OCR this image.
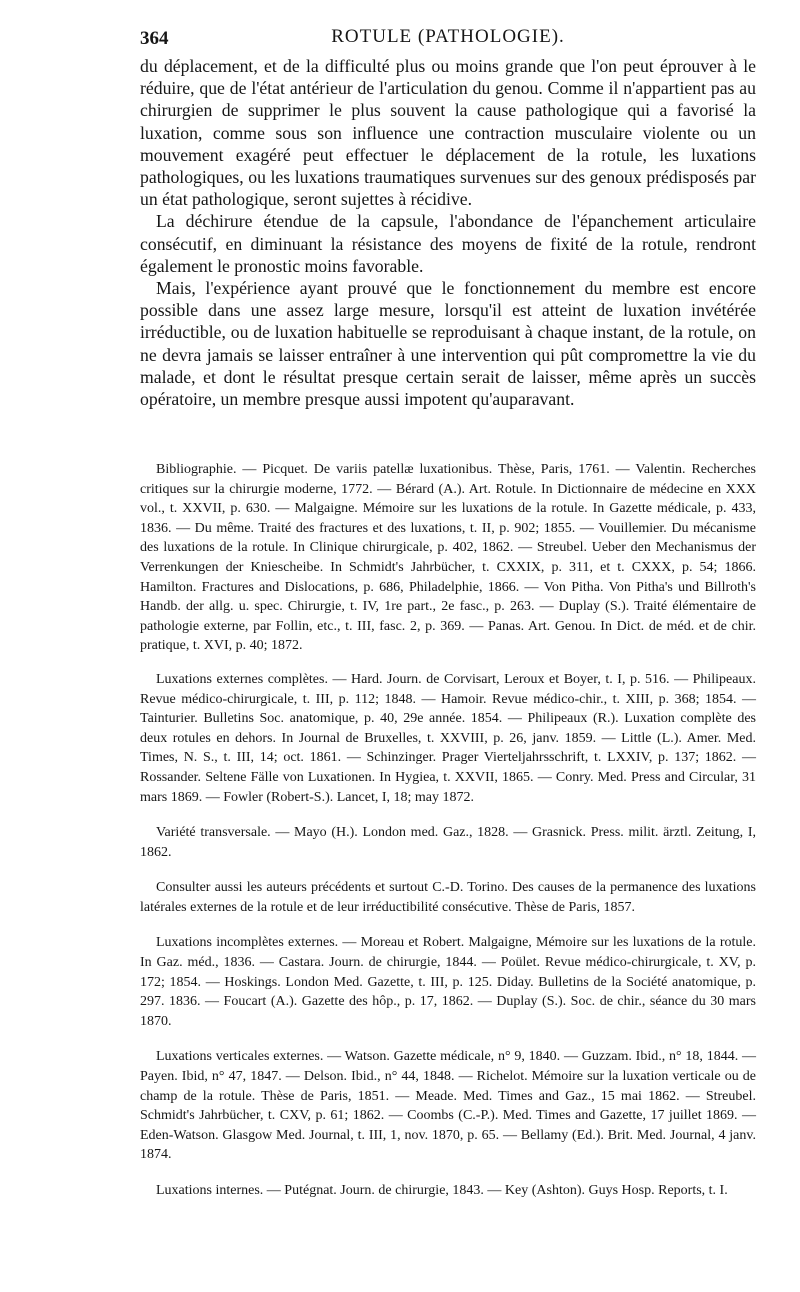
364	ROTULE (PATHOLOGIE).

du déplacement, et de la difficulté plus ou moins grande que l'on peut éprouver à le réduire, que de l'état antérieur de l'articulation du genou. Comme il n'appartient pas au chirurgien de supprimer le plus souvent la cause pathologique qui a favorisé la luxation, comme sous son influence une contraction musculaire violente ou un mouvement exagéré peut effectuer le déplacement de la rotule, les luxations pathologiques, ou les luxations traumatiques survenues sur des genoux prédisposés par un état pathologique, seront sujettes à récidive.

La déchirure étendue de la capsule, l'abondance de l'épanchement articulaire consécutif, en diminuant la résistance des moyens de fixité de la rotule, rendront également le pronostic moins favorable.

Mais, l'expérience ayant prouvé que le fonctionnement du membre est encore possible dans une assez large mesure, lorsqu'il est atteint de luxation invétérée irréductible, ou de luxation habituelle se reproduisant à chaque instant, de la rotule, on ne devra jamais se laisser entraîner à une intervention qui pût compromettre la vie du malade, et dont le résultat presque certain serait de laisser, même après un succès opératoire, un membre presque aussi impotent qu'auparavant.

Bibliographie. — Picquet. De variis patellæ luxationibus. Thèse, Paris, 1761. — Valentin. Recherches critiques sur la chirurgie moderne, 1772. — Bérard (A.). Art. Rotule. In Dictionnaire de médecine en XXX vol., t. XXVII, p. 630. — Malgaigne. Mémoire sur les luxations de la rotule. In Gazette médicale, p. 433, 1836. — Du même. Traité des fractures et des luxations, t. II, p. 902; 1855. — Vouillemier. Du mécanisme des luxations de la rotule. In Clinique chirurgicale, p. 402, 1862. — Streubel. Ueber den Mechanismus der Verrenkungen der Kniescheibe. In Schmidt's Jahrbücher, t. CXXIX, p. 311, et t. CXXX, p. 54; 1866. Hamilton. Fractures and Dislocations, p. 686, Philadelphie, 1866. — Von Pitha. Von Pitha's und Billroth's Handb. der allg. u. spec. Chirurgie, t. IV, 1re part., 2e fasc., p. 263. — Duplay (S.). Traité élémentaire de pathologie externe, par Follin, etc., t. III, fasc. 2, p. 369. — Panas. Art. Genou. In Dict. de méd. et de chir. pratique, t. XVI, p. 40; 1872.

Luxations externes complètes. — Hard. Journ. de Corvisart, Leroux et Boyer, t. I, p. 516. — Philipeaux. Revue médico-chirurgicale, t. III, p. 112; 1848. — Hamoir. Revue médico-chir., t. XIII, p. 368; 1854. — Tainturier. Bulletins Soc. anatomique, p. 40, 29e année. 1854. — Philipeaux (R.). Luxation complète des deux rotules en dehors. In Journal de Bruxelles, t. XXVIII, p. 26, janv. 1859. — Little (L.). Amer. Med. Times, N. S., t. III, 14; oct. 1861. — Schinzinger. Prager Vierteljahrsschrift, t. LXXIV, p. 137; 1862. — Rossander. Seltene Fälle von Luxationen. In Hygiea, t. XXVII, 1865. — Conry. Med. Press and Circular, 31 mars 1869. — Fowler (Robert-S.). Lancet, I, 18; may 1872.

Variété transversale. — Mayo (H.). London med. Gaz., 1828. — Grasnick. Press. milit. ärztl. Zeitung, I, 1862.

Consulter aussi les auteurs précédents et surtout C.-D. Torino. Des causes de la permanence des luxations latérales externes de la rotule et de leur irréductibilité consécutive. Thèse de Paris, 1857.

Luxations incomplètes externes. — Moreau et Robert. Malgaigne, Mémoire sur les luxations de la rotule. In Gaz. méd., 1836. — Castara. Journ. de chirurgie, 1844. — Poület. Revue médico-chirurgicale, t. XV, p. 172; 1854. — Hoskings. London Med. Gazette, t. III, p. 125. Diday. Bulletins de la Société anatomique, p. 297. 1836. — Foucart (A.). Gazette des hôp., p. 17, 1862. — Duplay (S.). Soc. de chir., séance du 30 mars 1870.

Luxations verticales externes. — Watson. Gazette médicale, n° 9, 1840. — Guzzam. Ibid., n° 18, 1844. — Payen. Ibid, n° 47, 1847. — Delson. Ibid., n° 44, 1848. — Richelot. Mémoire sur la luxation verticale ou de champ de la rotule. Thèse de Paris, 1851. — Meade. Med. Times and Gaz., 15 mai 1862. — Streubel. Schmidt's Jahrbücher, t. CXV, p. 61; 1862. — Coombs (C.-P.). Med. Times and Gazette, 17 juillet 1869. — Eden-Watson. Glasgow Med. Journal, t. III, 1, nov. 1870, p. 65. — Bellamy (Ed.). Brit. Med. Journal, 4 janv. 1874.

Luxations internes. — Putégnat. Journ. de chirurgie, 1843. — Key (Ashton). Guys Hosp. Reports, t. I.
